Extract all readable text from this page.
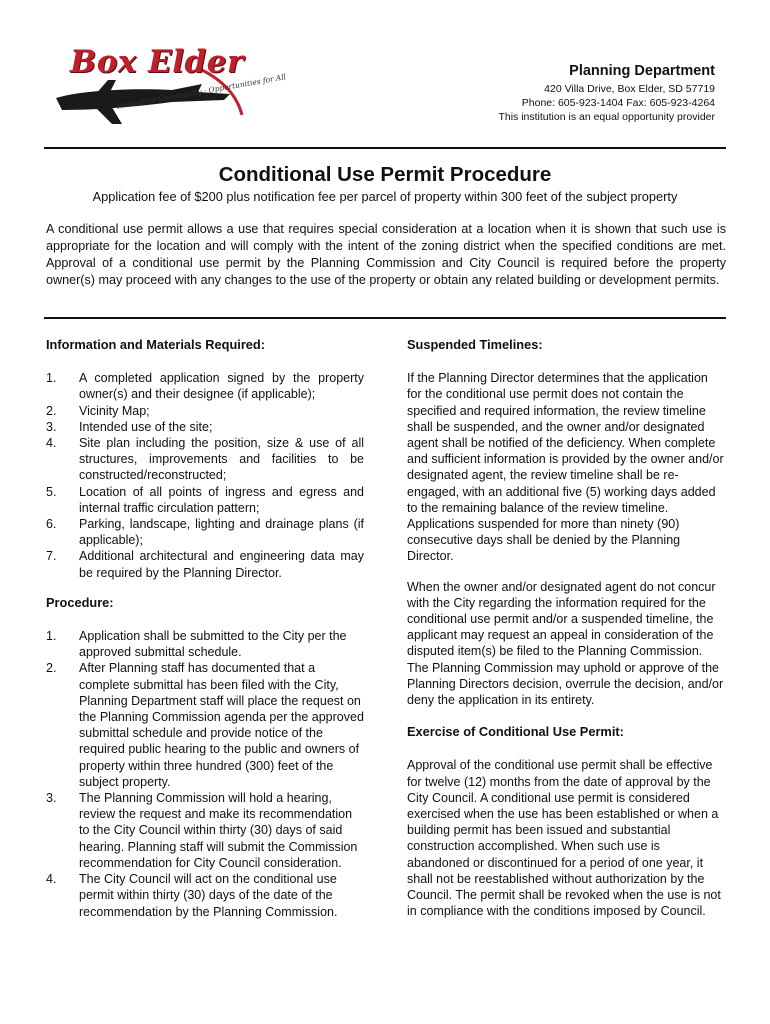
Box Elder
Innovative Community · Opportunities for All
Planning Department
420 Villa Drive, Box Elder, SD 57719
Phone: 605-923-1404 Fax: 605-923-4264
This institution is an equal opportunity provider
Conditional Use Permit Procedure
Application fee of $200 plus notification fee per parcel of property within 300 feet of the subject property
A conditional use permit allows a use that requires special consideration at a location when it is shown that such use is appropriate for the location and will comply with the intent of the zoning district when the specified conditions are met. Approval of a conditional use permit by the Planning Commission and City Council is required before the property owner(s) may proceed with any changes to the use of the property or obtain any related building or development permits.

Information and Materials Required:

1. A completed application signed by the property owner(s) and their designee (if applicable);
2. Vicinity Map;
3. Intended use of the site;
4. Site plan including the position, size & use of all structures, improvements and facilities to be constructed/reconstructed;
5. Location of all points of ingress and egress and internal traffic circulation pattern;
6. Parking, landscape, lighting and drainage plans (if applicable);
7. Additional architectural and engineering data may be required by the Planning Director.

Procedure:

1. Application shall be submitted to the City per the approved submittal schedule.
2. After Planning staff has documented that a complete submittal has been filed with the City, Planning Department staff will place the request on the Planning Commission agenda per the approved submittal schedule and provide notice of the required public hearing to the public and owners of property within three hundred (300) feet of the subject property.
3. The Planning Commission will hold a hearing, review the request and make its recommendation to the City Council within thirty (30) days of said hearing. Planning staff will submit the Commission recommendation for City Council consideration.
4. The City Council will act on the conditional use permit within thirty (30) days of the date of the recommendation by the Planning Commission.

Suspended Timelines:

If the Planning Director determines that the application for the conditional use permit does not contain the specified and required information, the review timeline shall be suspended, and the owner and/or designated agent shall be notified of the deficiency. When complete and sufficient information is provided by the owner and/or designated agent, the review timeline shall be re-engaged, with an additional five (5) working days added to the remaining balance of the review timeline. Applications suspended for more than ninety (90) consecutive days shall be denied by the Planning Director.

When the owner and/or designated agent do not concur with the City regarding the information required for the conditional use permit and/or a suspended timeline, the applicant may request an appeal in consideration of the disputed item(s) be filed to the Planning Commission. The Planning Commission may uphold or approve of the Planning Directors decision, overrule the decision, and/or deny the application in its entirety.

Exercise of Conditional Use Permit:

Approval of the conditional use permit shall be effective for twelve (12) months from the date of approval by the City Council. A conditional use permit is considered exercised when the use has been established or when a building permit has been issued and substantial construction accomplished. When such use is abandoned or discontinued for a period of one year, it shall not be reestablished without authorization by the Council. The permit shall be revoked when the use is not in compliance with the conditions imposed by Council.
